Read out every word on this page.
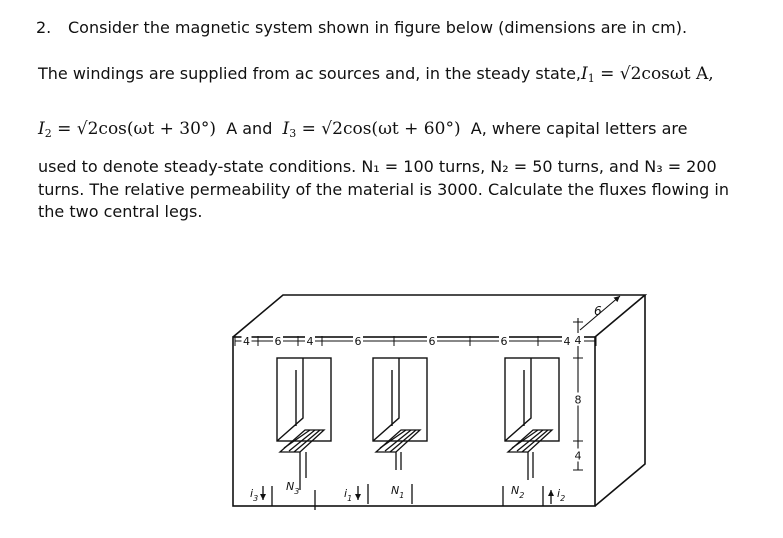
2. Consider the magnetic system shown in figure below (dimensions are in cm).
The windings are supplied from ac sources and, in the steady $state,I_1 = √2\cos\omega t$ A,
$I_2 = √2\cos(\omega t + 30^\circ)$  A and  $I_3 = √2\cos(\omega t + 60^\circ)$  A, where capital letters are
used to denote steady-state conditions. N₁ = 100 turns, N₂ = 50 turns, and N₃ = 200 turns. The relative permeability of the material is 3000. Calculate the fluxes flowing in the two central legs.
4 6 4	6	6	6	4
6
4
8
4
$i_3$	$i_1$	$i_2$
$N_3$	$N_1$	$N_2$
